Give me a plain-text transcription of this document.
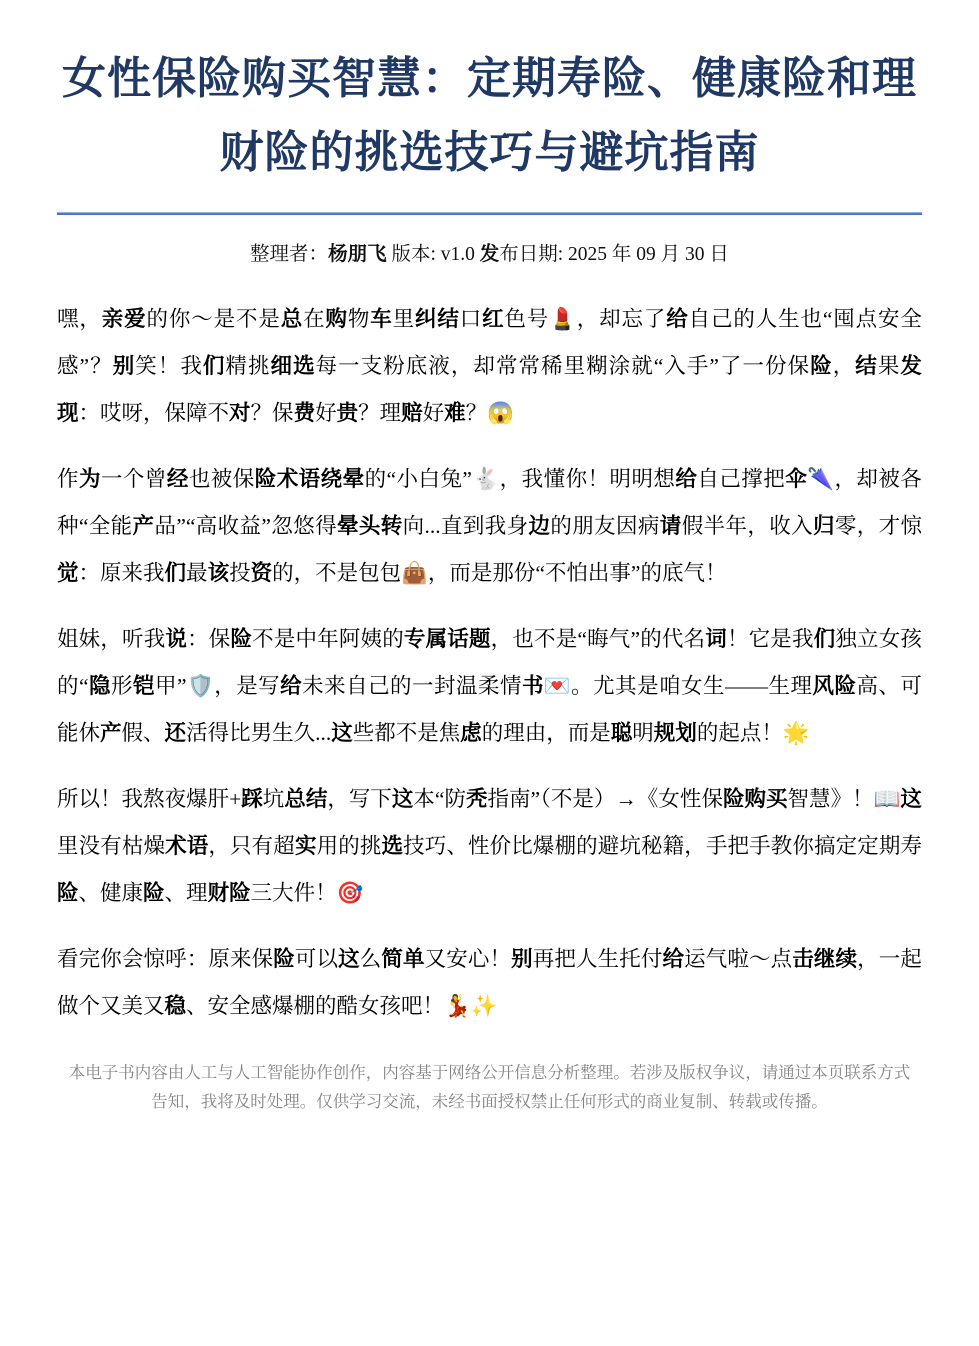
女性保险购买智慧：定期寿险、健康险和理财险的挑选技巧与避坑指南

整理者：杨朋飞 版本: v1.0 发布日期: 2025 年 09 月 30 日

嘿，亲爱的你～是不是总在购物车里纠结口红色号💄，却忘了给自己的人生也“囤点安全感”？别笑！我们精挑细选每一支粉底液，却常常稀里糊涂就“入手”了一份保险，结果发现：哎呀，保障不对？保费好贵？理赔好难？😱

作为一个曾经也被保险术语绕晕的“小白兔”🐇，我懂你！明明想给自己撑把伞🌂，却被各种“全能产品”“高收益”忽悠得晕头转向...直到我身边的朋友因病请假半年，收入归零，才惊觉：原来我们最该投资的，不是包包👜，而是那份“不怕出事”的底气！

姐妹，听我说：保险不是中年阿姨的专属话题，也不是“晦气”的代名词！它是我们独立女孩的“隐形铠甲”🛡️，是写给未来自己的一封温柔情书💌。尤其是咱女生——生理风险高、可能休产假、还活得比男生久...这些都不是焦虑的理由，而是聪明规划的起点！🌟

所以！我熬夜爆肝+踩坑总结，写下这本“防秃指南”（不是）→《女性保险购买智慧》！📖这里没有枯燥术语，只有超实用的挑选技巧、性价比爆棚的避坑秘籍，手把手教你搞定定期寿险、健康险、理财险三大件！🎯

看完你会惊呼：原来保险可以这么简单又安心！别再把人生托付给运气啦～点击继续，一起做个又美又稳、安全感爆棚的酷女孩吧！💃✨

本电子书内容由人工与人工智能协作创作，内容基于网络公开信息分析整理。若涉及版权争议，请通过本页联系方式告知，我将及时处理。仅供学习交流，未经书面授权禁止任何形式的商业复制、转载或传播。
